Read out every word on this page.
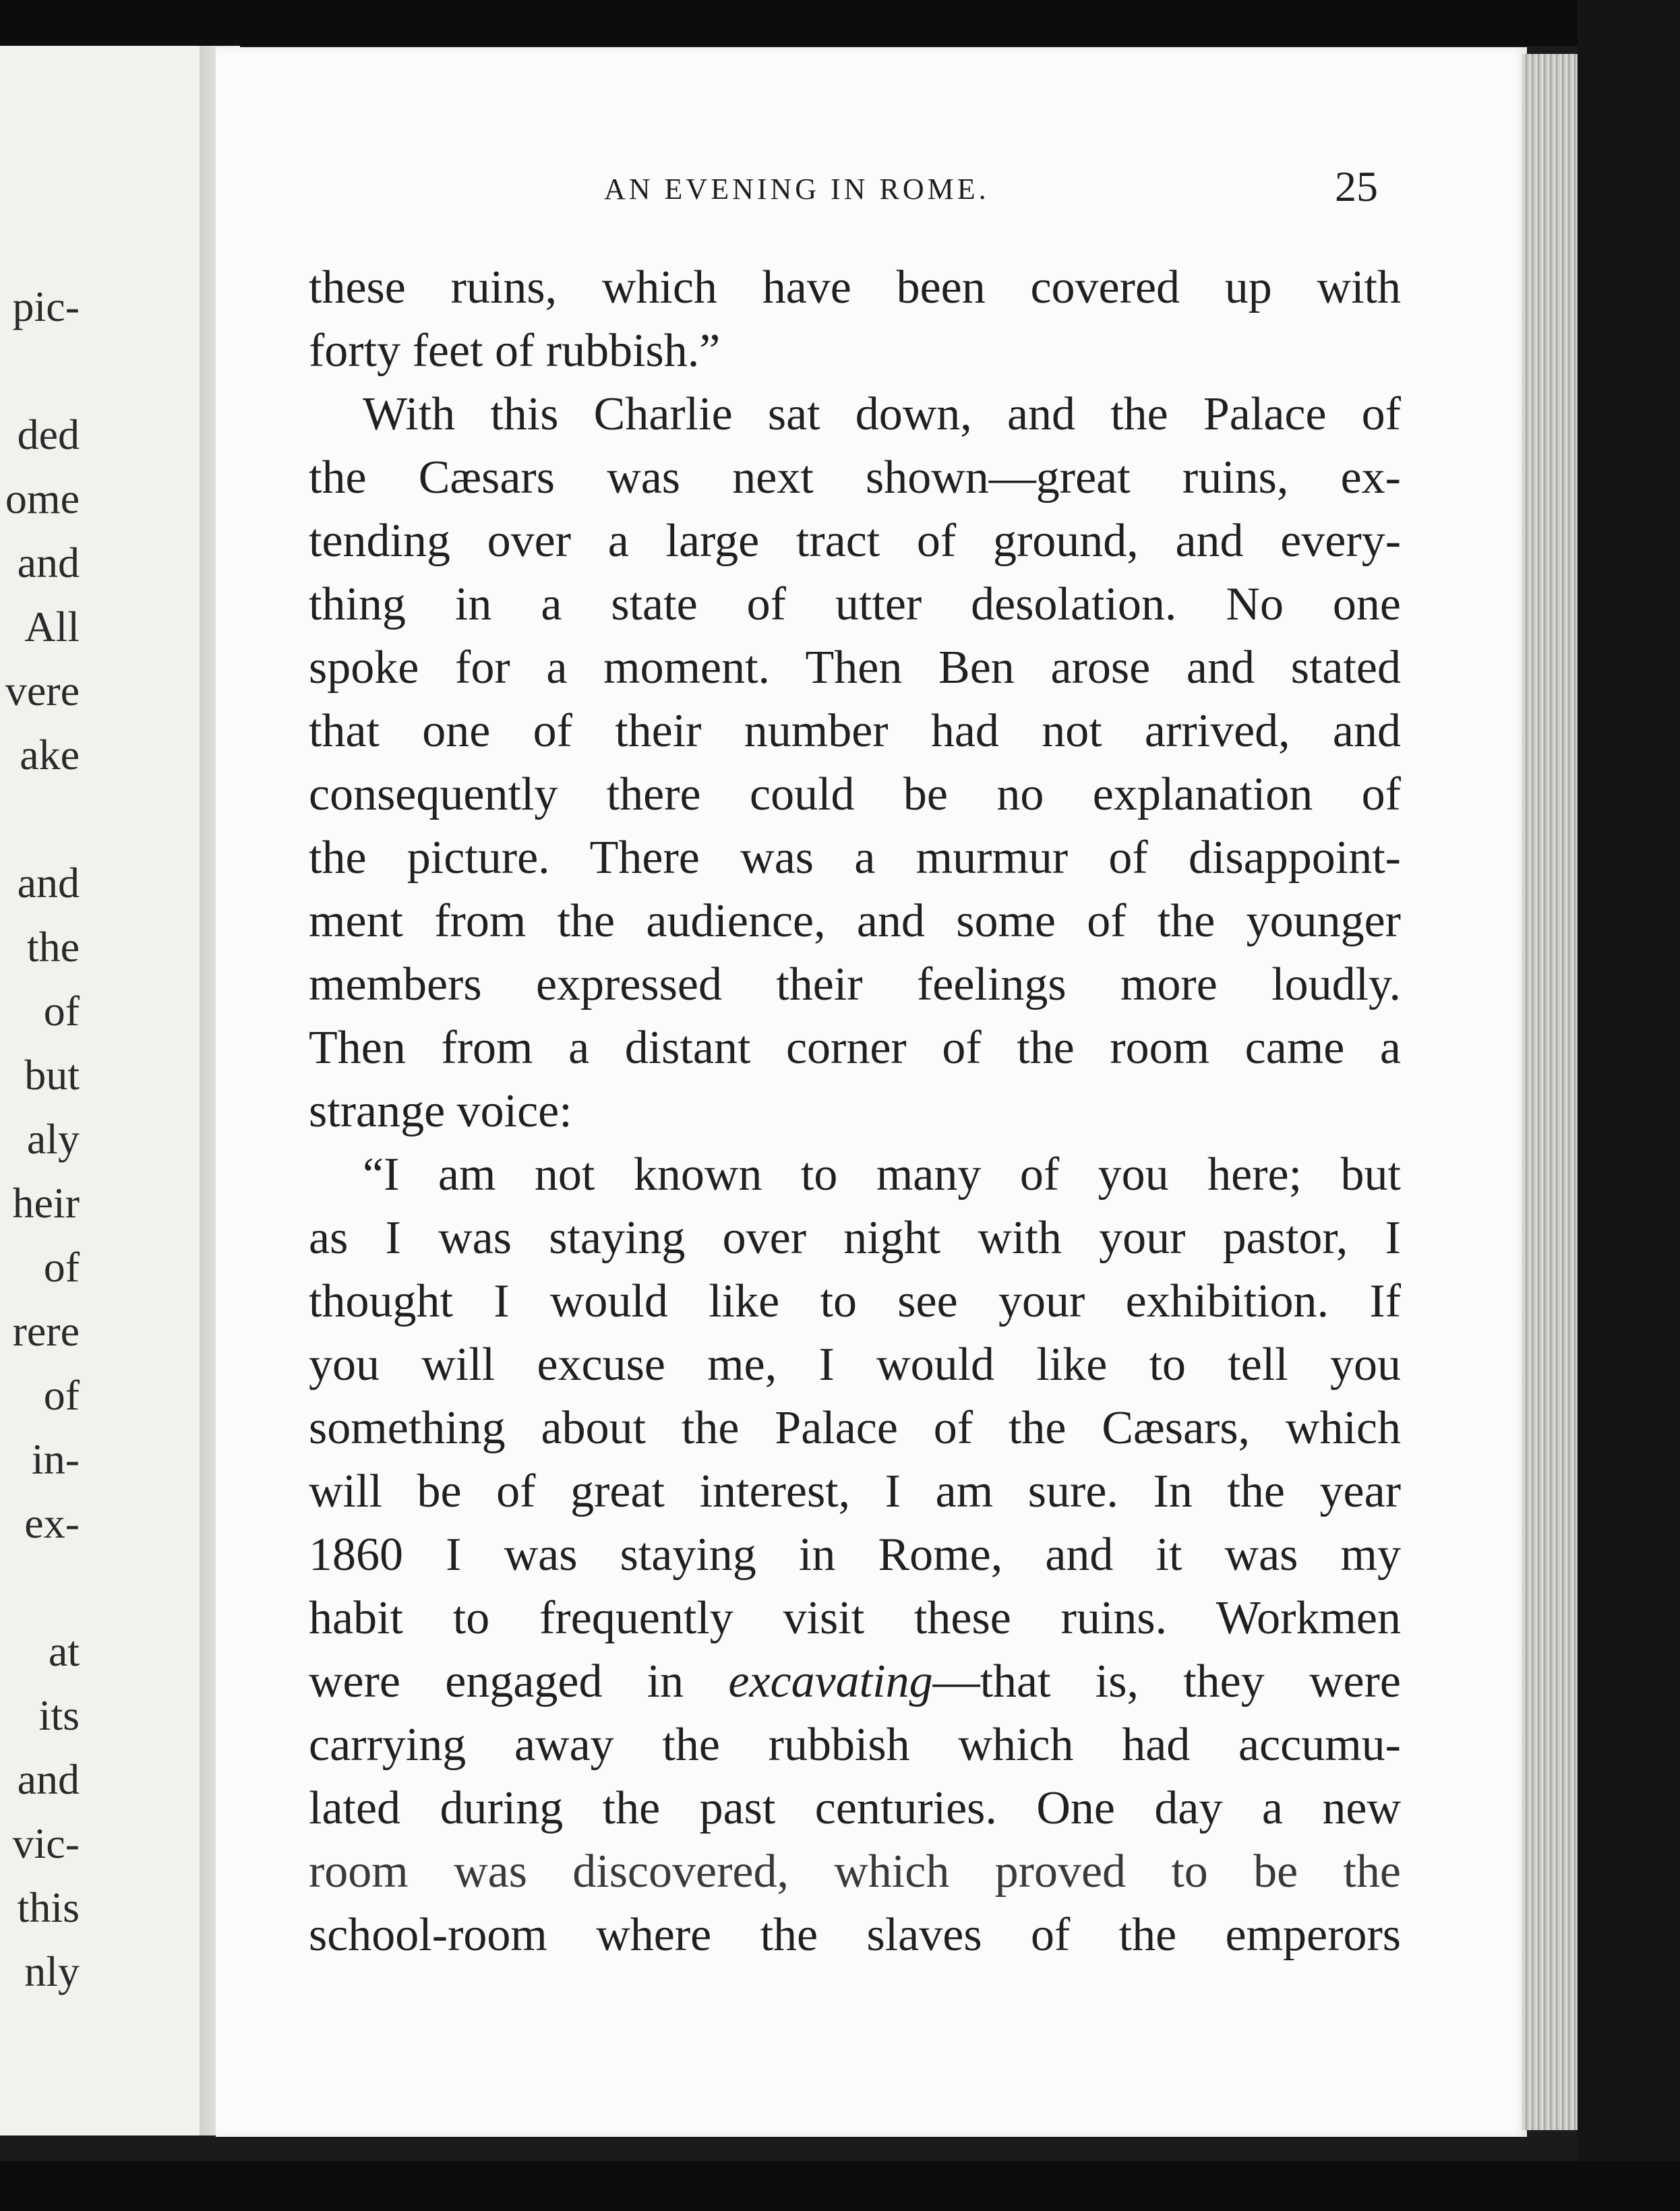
pic-
ded
ome
and
All
vere
ake
and
the
of
but
aly
heir
of
rere
of
in-
ex-
at
its
and
vic-
this
nly
AN EVENING IN ROME.	25
these ruins, which have been covered up with
forty feet of rubbish.”
With this Charlie sat down, and the Palace of
the Cæsars was next shown—great ruins, ex-
tending over a large tract of ground, and every-
thing in a state of utter desolation. No one
spoke for a moment. Then Ben arose and stated
that one of their number had not arrived, and
consequently there could be no explanation of
the picture. There was a murmur of disappoint-
ment from the audience, and some of the younger
members expressed their feelings more loudly.
Then from a distant corner of the room came a
strange voice:
“I am not known to many of you here; but
as I was staying over night with your pastor, I
thought I would like to see your exhibition. If
you will excuse me, I would like to tell you
something about the Palace of the Cæsars, which
will be of great interest, I am sure. In the year
1860 I was staying in Rome, and it was my
habit to frequently visit these ruins. Workmen
were engaged in excavating—that is, they were
carrying away the rubbish which had accumu-
lated during the past centuries. One day a new
room was discovered, which proved to be the
school-room where the slaves of the emperors
